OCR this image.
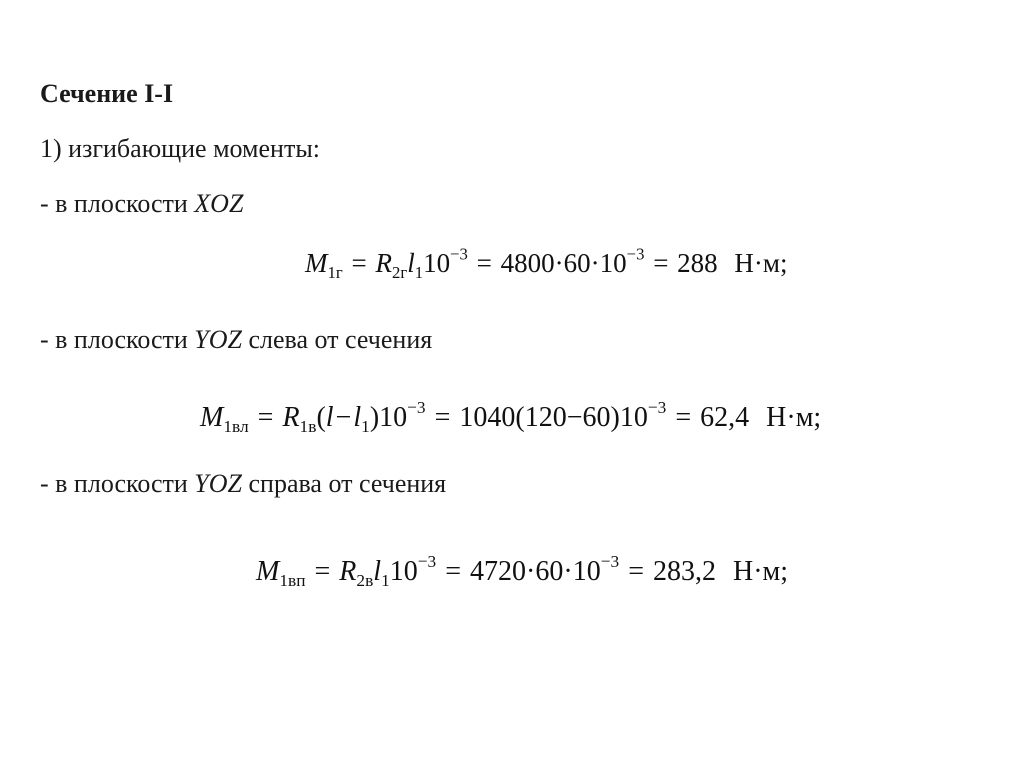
Сечение I-I
1) изгибающие моменты:
- в плоскости XOZ
$M_{1г} = R_{2г}l_110^{-3} = 4800\cdot 60\cdot 10^{-3} = 288$ Н·м;
- в плоскости YOZ слева от сечения
$M_{1вл} = R_{1в}(l-l_1)10^{-3} = 1040(120-60)10^{-3} = 62,4$ Н·м;
- в плоскости YOZ справа от сечения
$M_{1вп} = R_{2в}l_110^{-3} = 4720\cdot 60\cdot 10^{-3} = 283,2$ Н·м;
